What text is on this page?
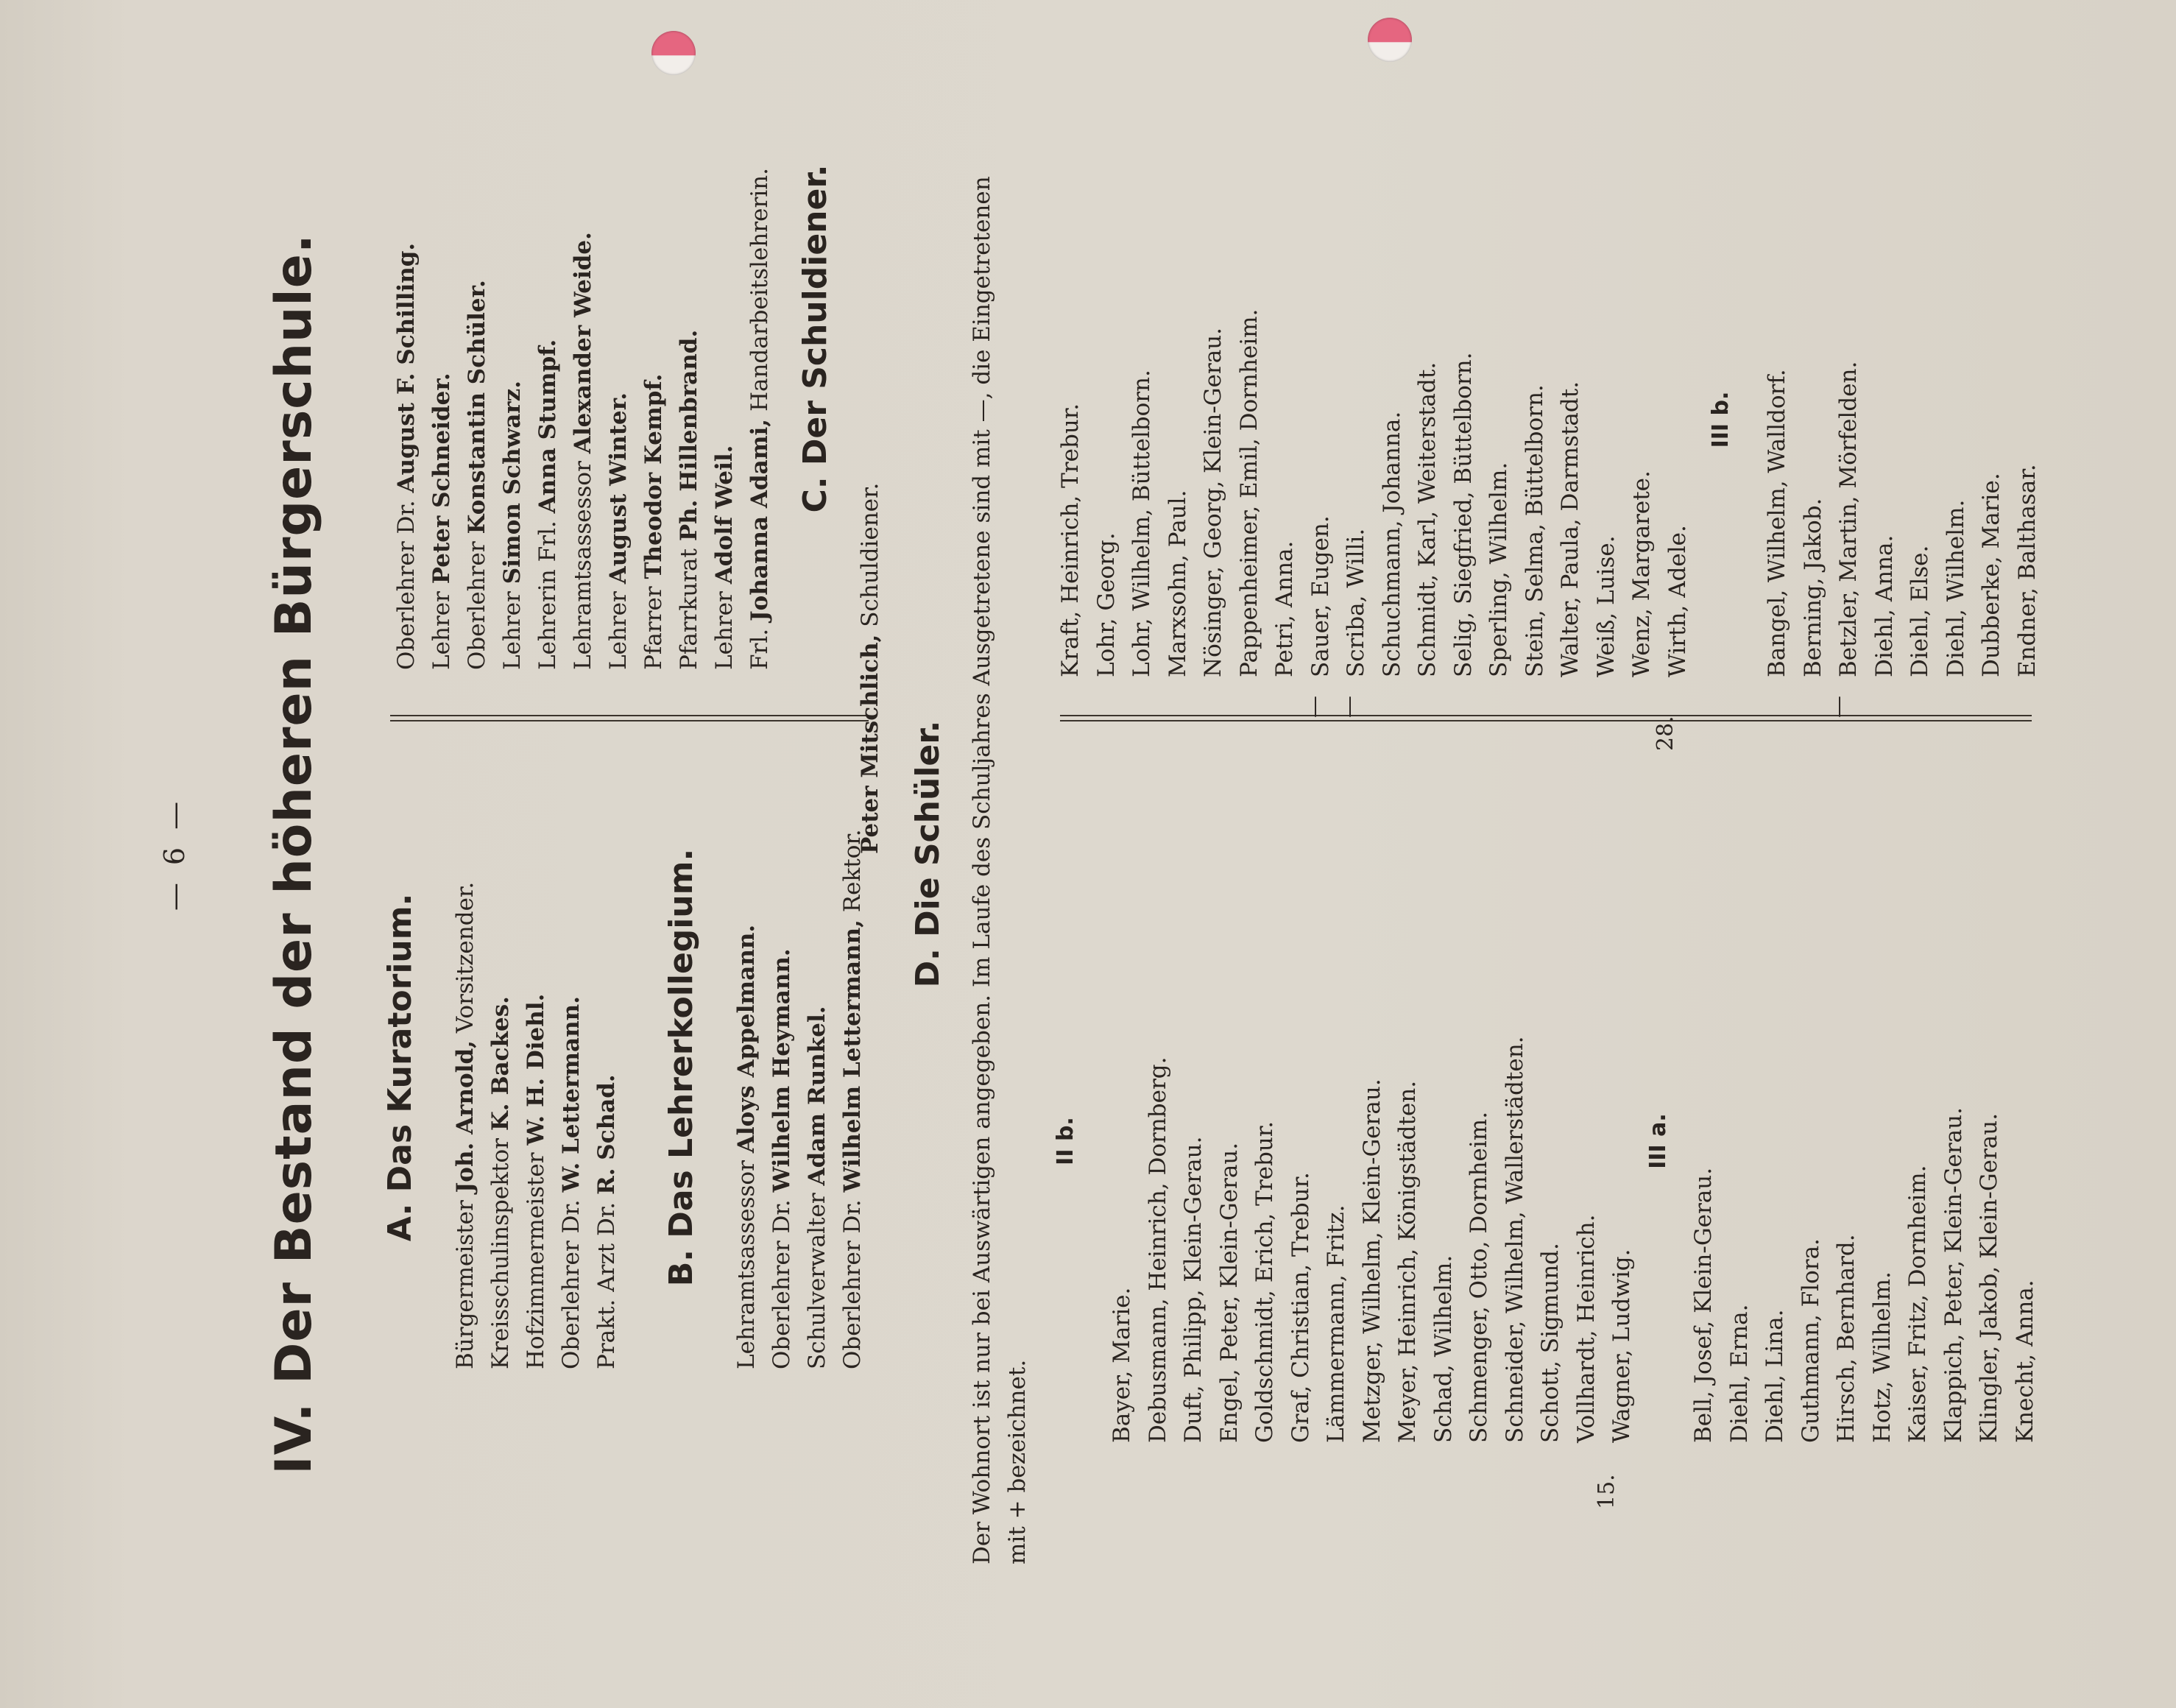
— 6 — IV. Der Bestand der höheren Bürgerschule. A. Das Kuratorium.
Bürgermeister Joh. Arnold, Vorsitzender.
Kreisschulinspektor K. Backes.
Hofzimmermeister W. H. Diehl.
Oberlehrer Dr. W. Lettermann.
Prakt. Arzt Dr. R. Schad. B. Das Lehrerkollegium. Lehramtsassessor Aloys Appelmann.
Oberlehrer Dr. Wilhelm Heymann.
Schulverwalter Adam Runkel.
Oberlehrer Dr. Wilhelm Lettermann, Rektor.
Oberlehrer Dr. August F. Schilling.
Lehrer Peter Schneider.
Oberlehrer Konstantin Schüler.
Lehrer Simon Schwarz.
Lehrerin Frl. Anna Stumpf.
Lehramtsassessor Alexander Weide.
Lehrer August Winter.
Pfarrer Theodor Kempf.
Pfarrkurat Ph. Hillenbrand.
Lehrer Adolf Weil.
Frl. Johanna Adami, Handarbeitslehrerin. C. Der Schuldiener.
Peter Mitschlich, Schuldiener.
D. Die Schüler. Der Wohnort ist nur bei Auswärtigen angegeben. Im Laufe des Schuljahres Ausgetretene sind mit —, die Eingetretenen mit + bezeichnet.
II b.
Bayer, Marie. Debusmann, Heinrich, Dornberg. Duft, Philipp, Klein-Gerau. Engel, Peter, Klein-Gerau. Goldschmidt, Erich, Trebur. Graf, Christian, Trebur. Lämmermann, Fritz. Metzger, Wilhelm, Klein-Gerau. Meyer, Heinrich, Königstädten. Schad, Wilhelm. Schmenger, Otto, Dornheim. Schneider, Wilhelm, Wallerstädten. Schott, Sigmund. Vollhardt, Heinrich. Wagner, Ludwig.
15.
Kraft, Heinrich, Trebur. Lohr, Georg. Lohr, Wilhelm, Büttelborn. Marxsohn, Paul. Nösinger, Georg, Klein-Gerau. Pappenheimer, Emil, Dornheim. Petri, Anna. Sauer, Eugen. Scriba, Willi. Schuchmann, Johanna. Schmidt, Karl, Weiterstadt. Selig, Siegfried, Büttelborn. Sperling, Wilhelm. Stein, Selma, Büttelborn. Walter, Paula, Darmstadt. Weiß, Luise. Wenz, Margarete. Wirth, Adele.
— —
28.
III a.
Bell, Josef, Klein-Gerau. Diehl, Erna. Diehl, Lina. Guthmann, Flora. Hirsch, Bernhard. Hotz, Wilhelm. Kaiser, Fritz, Dornheim. Klappich, Peter, Klein-Gerau. Klingler, Jakob, Klein-Gerau. Knecht, Anna.
III b. Bangel, Wilhelm, Walldorf. Berning, Jakob. Betzler, Martin, Mörfelden. Diehl, Anna. Diehl, Else. Diehl, Wilhelm. Dubberke, Marie. Endner, Balthasar.
—
